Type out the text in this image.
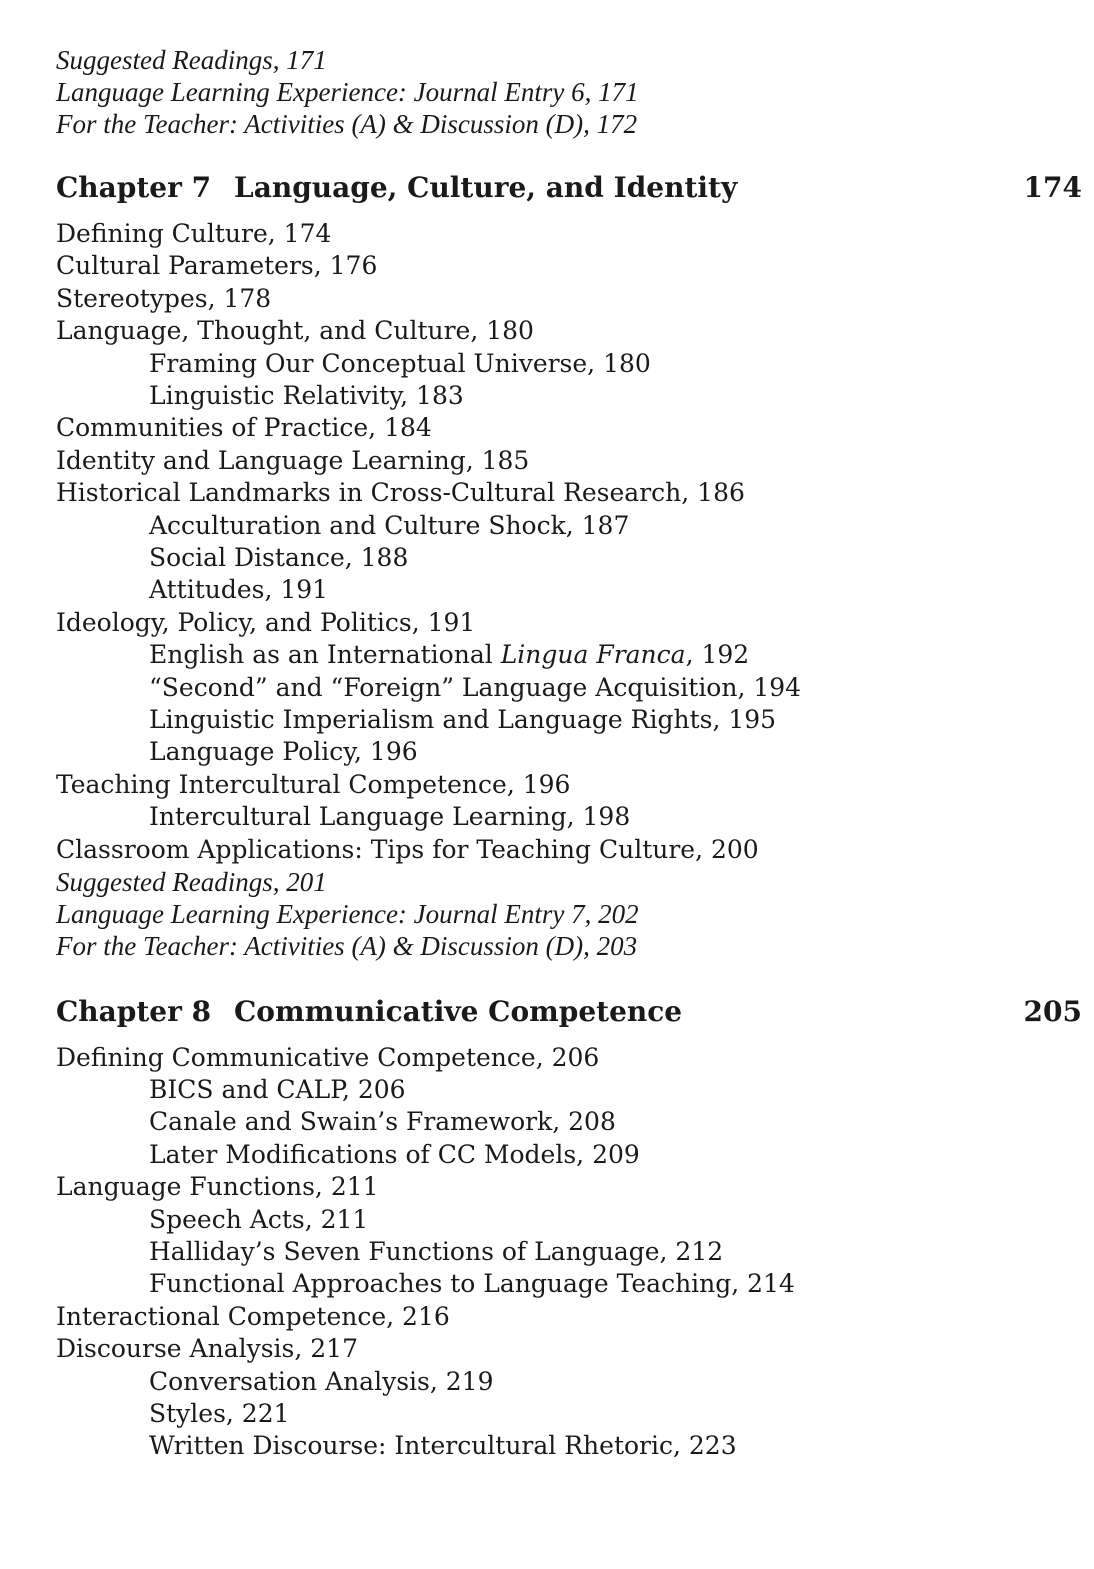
Suggested Readings, 171
Language Learning Experience: Journal Entry 6, 171
For the Teacher: Activities (A) & Discussion (D), 172
Chapter 7 Language, Culture, and Identity	174
Defining Culture, 174
Cultural Parameters, 176
Stereotypes, 178
Language, Thought, and Culture, 180
Framing Our Conceptual Universe, 180
Linguistic Relativity, 183
Communities of Practice, 184
Identity and Language Learning, 185
Historical Landmarks in Cross-Cultural Research, 186
Acculturation and Culture Shock, 187
Social Distance, 188
Attitudes, 191
Ideology, Policy, and Politics, 191
English as an International Lingua Franca, 192
“Second” and “Foreign” Language Acquisition, 194
Linguistic Imperialism and Language Rights, 195
Language Policy, 196
Teaching Intercultural Competence, 196
Intercultural Language Learning, 198
Classroom Applications: Tips for Teaching Culture, 200
Suggested Readings, 201
Language Learning Experience: Journal Entry 7, 202
For the Teacher: Activities (A) & Discussion (D), 203
Chapter 8 Communicative Competence	205
Defining Communicative Competence, 206
BICS and CALP, 206
Canale and Swain’s Framework, 208
Later Modifications of CC Models, 209
Language Functions, 211
Speech Acts, 211
Halliday’s Seven Functions of Language, 212
Functional Approaches to Language Teaching, 214
Interactional Competence, 216
Discourse Analysis, 217
Conversation Analysis, 219
Styles, 221
Written Discourse: Intercultural Rhetoric, 223
